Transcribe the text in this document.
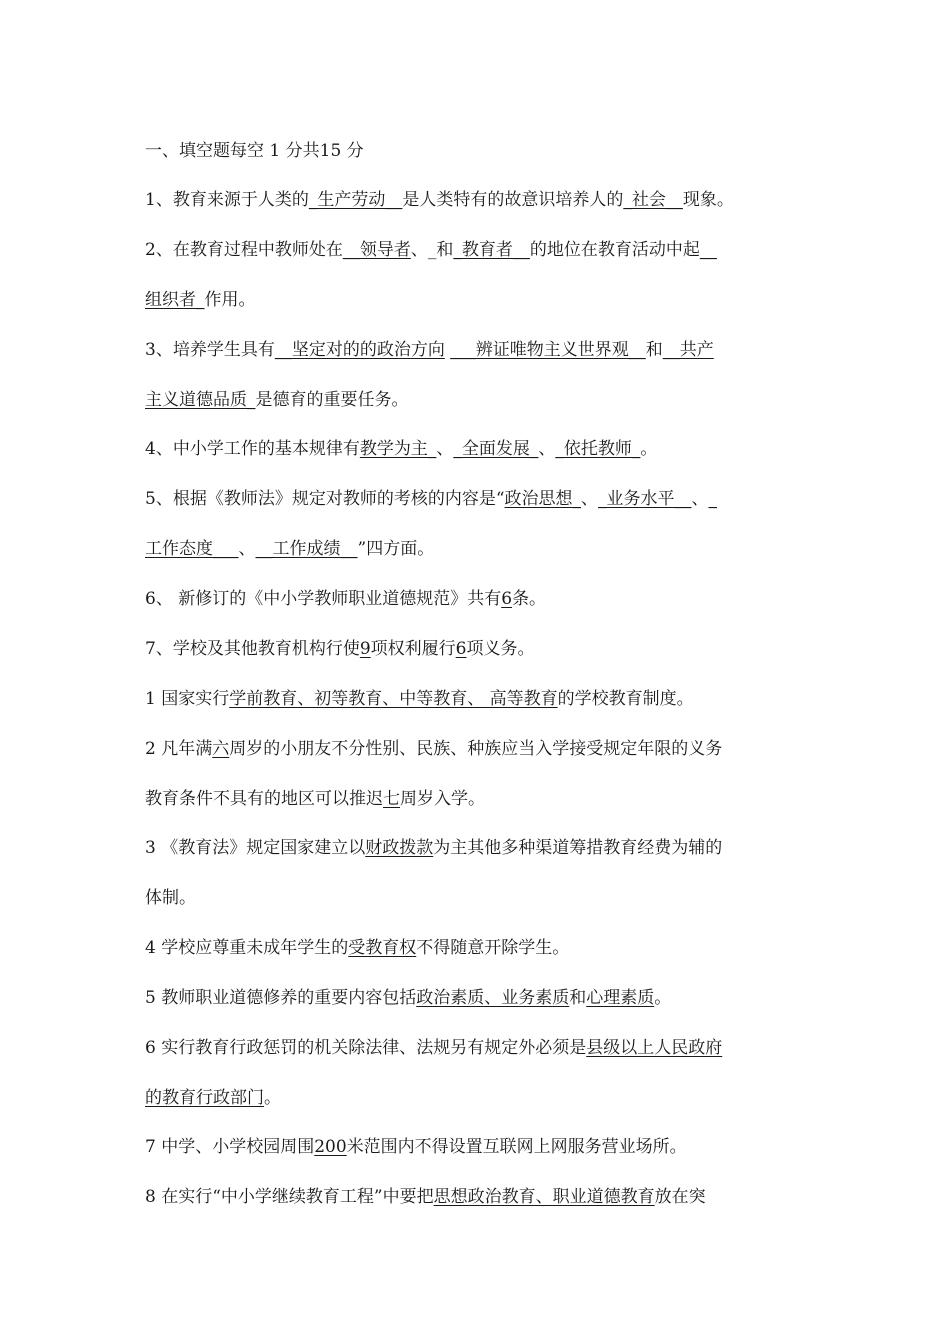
一、填空题每空 1 分共15 分
1、教育来源于人类的_生产劳动__是人类特有的故意识培养人的_社会__现象。
2、在教育过程中教师处在__领导者、_和_教育者__的地位在教育活动中起__
组织者_作用。
3、培养学生具有__坚定对的的政治方向 ___辨证唯物主义世界观__和__共产
主义道德品质_是德育的重要任务。
4、中小学工作的基本规律有教学为主_、_全面发展_、_依托教师_。
5、根据《教师法》规定对教师的考核的内容是“政治思想_、_业务水平__、_
工作态度___、__工作成绩__”四方面。
6、 新修订的《中小学教师职业道德规范》共有6条。
7、学校及其他教育机构行使9项权利履行6项义务。
1 国家实行学前教育、初等教育、中等教育、 高等教育的学校教育制度。
2 凡年满六周岁的小朋友不分性别、民族、种族应当入学接受规定年限的义务
教育条件不具有的地区可以推迟七周岁入学。
3 《教育法》规定国家建立以财政拨款为主其他多种渠道筹措教育经费为辅的
体制。
4 学校应尊重未成年学生的受教育权不得随意开除学生。
5 教师职业道德修养的重要内容包括政治素质、业务素质和心理素质。
6 实行教育行政惩罚的机关除法律、法规另有规定外必须是县级以上人民政府
的教育行政部门。
7 中学、小学校园周围200米范围内不得设置互联网上网服务营业场所。
8 在实行“中小学继续教育工程”中要把思想政治教育、职业道德教育放在突
